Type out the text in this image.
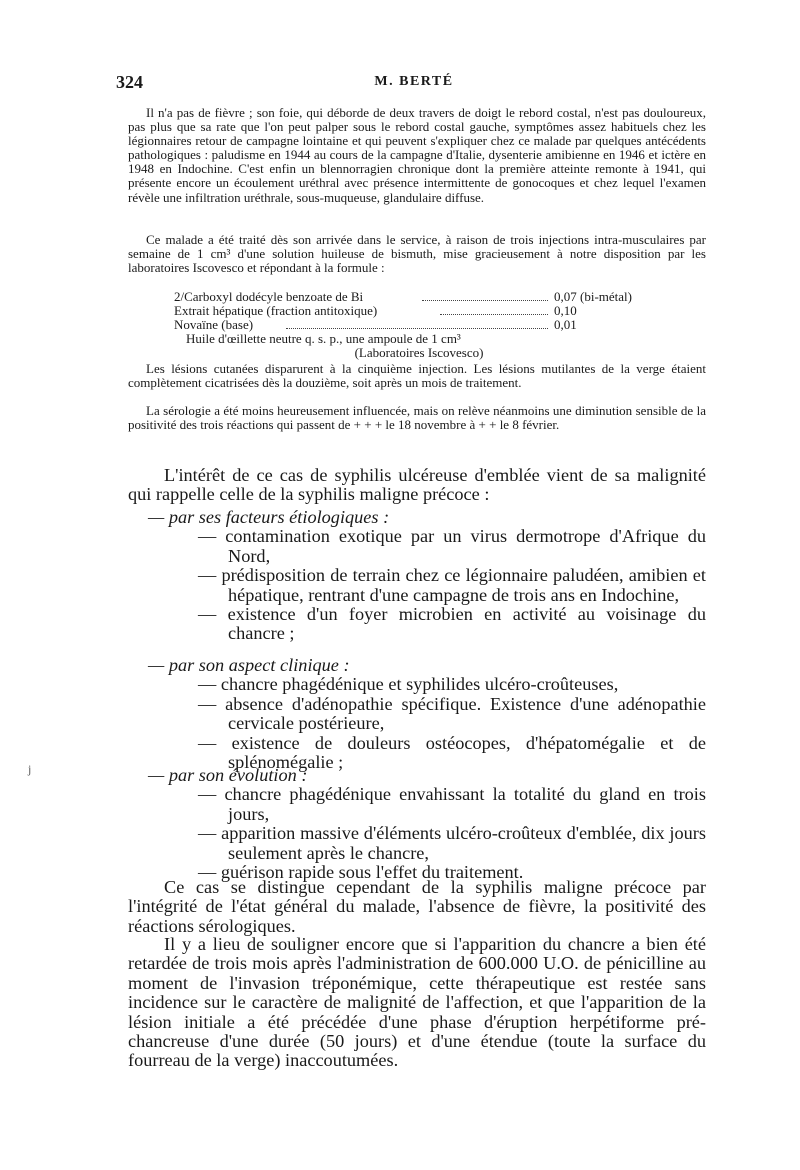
324	M. BERTÉ

Il n'a pas de fièvre ; son foie, qui déborde de deux travers de doigt le rebord costal, n'est pas douloureux, pas plus que sa rate que l'on peut palper sous le rebord costal gauche, symptômes assez habituels chez les légionnaires retour de campagne lointaine et qui peuvent s'expliquer chez ce malade par quelques antécédents pathologiques : paludisme en 1944 au cours de la campagne d'Italie, dysenterie amibienne en 1946 et ictère en 1948 en Indochine. C'est enfin un blennorragien chronique dont la première atteinte remonte à 1941, qui présente encore un écoulement uréthral avec présence intermittente de gonocoques et chez lequel l'examen révèle une infiltration uréthrale, sous-muqueuse, glandulaire diffuse.

Ce malade a été traité dès son arrivée dans le service, à raison de trois injections intra-musculaires par semaine de 1 cm³ d'une solution huileuse de bismuth, mise gracieusement à notre disposition par les laboratoires Iscovesco et répondant à la formule :

2/Carboxyl dodécyle benzoate de Bi	0,07 (bi-métal)
Extrait hépatique (fraction antitoxique)	0,10
Novaïne (base)	0,01
Huile d'œillette neutre q. s. p., une ampoule de 1 cm³
(Laboratoires Iscovesco)

Les lésions cutanées disparurent à la cinquième injection. Les lésions mutilantes de la verge étaient complètement cicatrisées dès la douzième, soit après un mois de traitement.

La sérologie a été moins heureusement influencée, mais on relève néanmoins une diminution sensible de la positivité des trois réactions qui passent de + + + le 18 novembre à + + le 8 février.

L'intérêt de ce cas de syphilis ulcéreuse d'emblée vient de sa malignité qui rappelle celle de la syphilis maligne précoce :

— par ses facteurs étiologiques :
— contamination exotique par un virus dermotrope d'Afrique du Nord,
— prédisposition de terrain chez ce légionnaire paludéen, amibien et hépatique, rentrant d'une campagne de trois ans en Indochine,
— existence d'un foyer microbien en activité au voisinage du chancre ;
— par son aspect clinique :
— chancre phagédénique et syphilides ulcéro-croûteuses,
— absence d'adénopathie spécifique. Existence d'une adénopathie cervicale postérieure,
— existence de douleurs ostéocopes, d'hépatomégalie et de splénomégalie ;
— par son évolution :
— chancre phagédénique envahissant la totalité du gland en trois jours,
— apparition massive d'éléments ulcéro-croûteux d'emblée, dix jours seulement après le chancre,
— guérison rapide sous l'effet du traitement.

Ce cas se distingue cependant de la syphilis maligne précoce par l'intégrité de l'état général du malade, l'absence de fièvre, la positivité des réactions sérologiques.

Il y a lieu de souligner encore que si l'apparition du chancre a bien été retardée de trois mois après l'administration de 600.000 U.O. de pénicilline au moment de l'invasion tréponémique, cette thérapeutique est restée sans incidence sur le caractère de malignité de l'affection, et que l'apparition de la lésion initiale a été précédée d'une phase d'éruption herpétiforme pré-chancreuse d'une durée (50 jours) et d'une étendue (toute la surface du fourreau de la verge) inaccoutumées.

j
